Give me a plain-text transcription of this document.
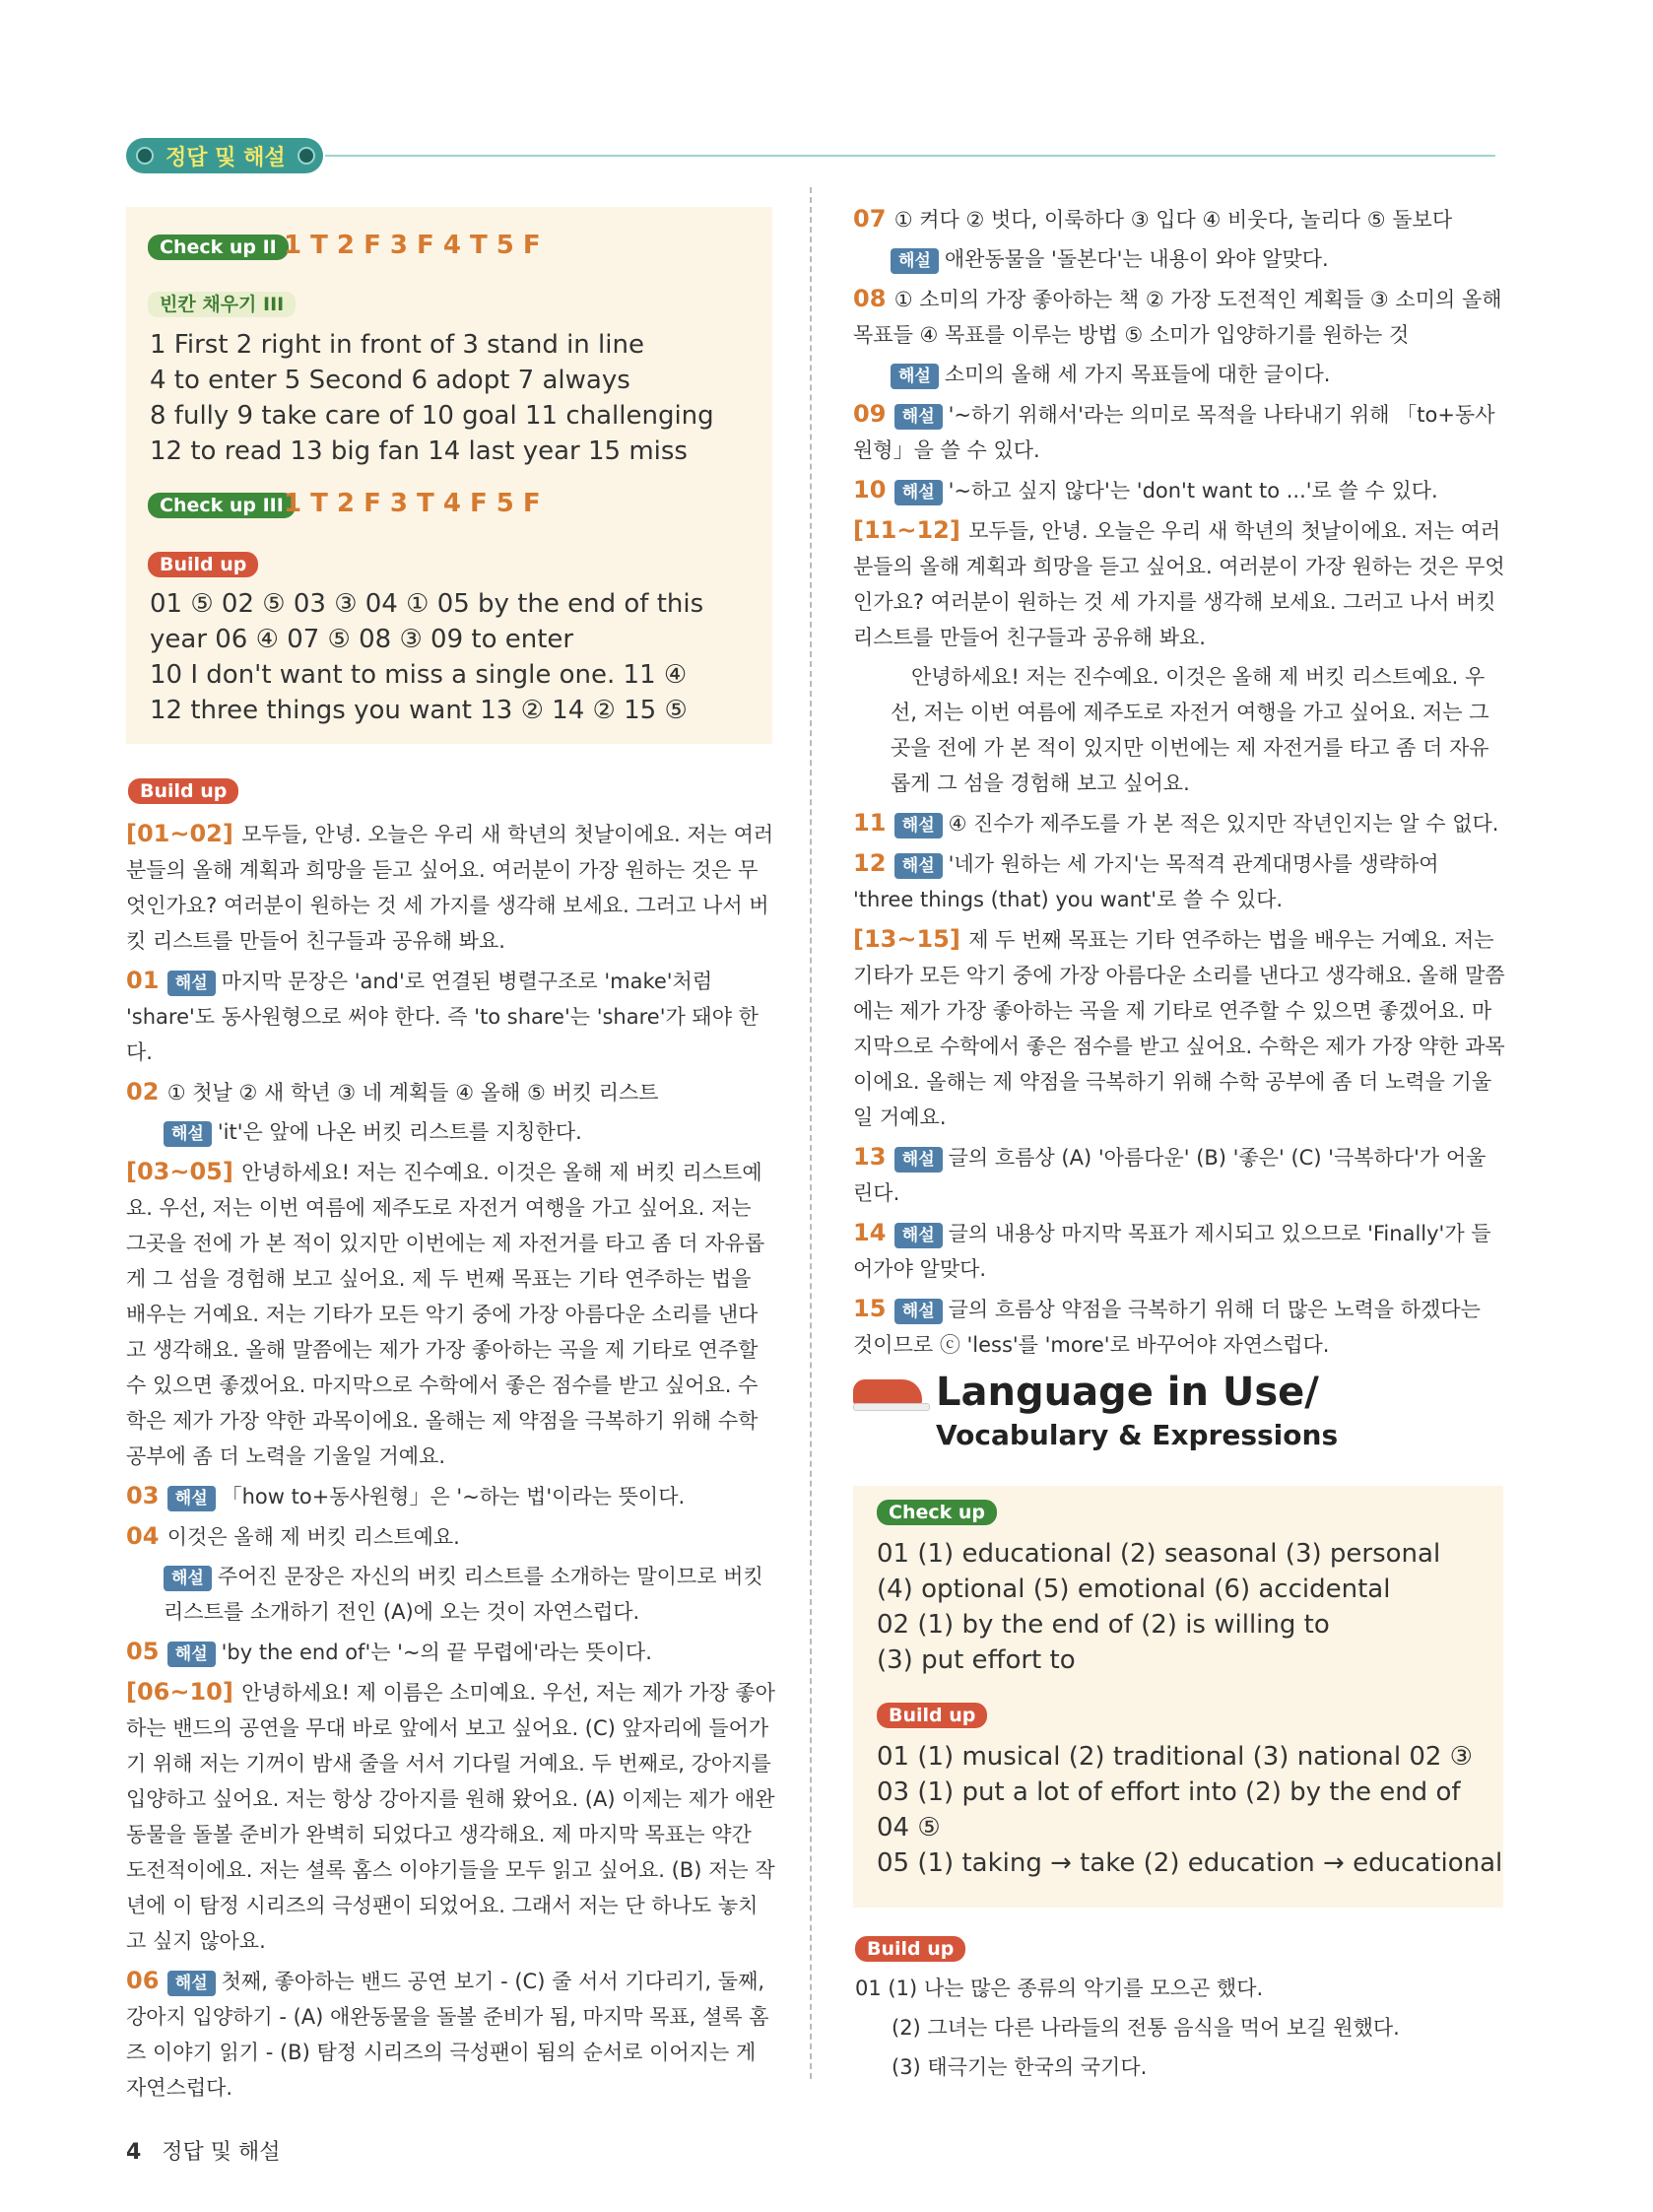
정답 및 해설
Check up II 1 T 2 F 3 F 4 T 5 F
빈칸 채우기 III
1 First 2 right in front of 3 stand in line
4 to enter 5 Second 6 adopt 7 always
8 fully 9 take care of 10 goal 11 challenging
12 to read 13 big fan 14 last year 15 miss
Check up III 1 T 2 F 3 T 4 F 5 F
Build up
01 ⑤ 02 ⑤ 03 ③ 04 ① 05 by the end of this
year 06 ④ 07 ⑤ 08 ③ 09 to enter
10 I don't want to miss a single one. 11 ④
12 three things you want 13 ② 14 ② 15 ⑤
Build up
[01~02] 모두들, 안녕. 오늘은 우리 새 학년의 첫날이에요. 저는 여러분들의 올해 계획과 희망을 듣고 싶어요. 여러분이 가장 원하는 것은 무엇인가요? 여러분이 원하는 것 세 가지를 생각해 보세요. 그러고 나서 버킷 리스트를 만들어 친구들과 공유해 봐요.
01 해설 마지막 문장은 'and'로 연결된 병렬구조로 'make'처럼 'share'도 동사원형으로 써야 한다. 즉 'to share'는 'share'가 돼야 한다.
02 ① 첫날 ② 새 학년 ③ 네 계획들 ④ 올해 ⑤ 버킷 리스트
해설 'it'은 앞에 나온 버킷 리스트를 지칭한다.
[03~05] 안녕하세요! 저는 진수예요. 이것은 올해 제 버킷 리스트예요. 우선, 저는 이번 여름에 제주도로 자전거 여행을 가고 싶어요. 저는 그곳을 전에 가 본 적이 있지만 이번에는 제 자전거를 타고 좀 더 자유롭게 그 섬을 경험해 보고 싶어요. 제 두 번째 목표는 기타 연주하는 법을 배우는 거예요. 저는 기타가 모든 악기 중에 가장 아름다운 소리를 낸다고 생각해요. 올해 말쯤에는 제가 가장 좋아하는 곡을 제 기타로 연주할 수 있으면 좋겠어요. 마지막으로 수학에서 좋은 점수를 받고 싶어요. 수학은 제가 가장 약한 과목이에요. 올해는 제 약점을 극복하기 위해 수학 공부에 좀 더 노력을 기울일 거예요.
03 해설 「how to+동사원형」은 '~하는 법'이라는 뜻이다.
04 이것은 올해 제 버킷 리스트예요.
해설 주어진 문장은 자신의 버킷 리스트를 소개하는 말이므로 버킷 리스트를 소개하기 전인 (A)에 오는 것이 자연스럽다.
05 해설 'by the end of'는 '~의 끝 무렵에'라는 뜻이다.
[06~10] 안녕하세요! 제 이름은 소미예요. 우선, 저는 제가 가장 좋아하는 밴드의 공연을 무대 바로 앞에서 보고 싶어요. (C) 앞자리에 들어가기 위해 저는 기꺼이 밤새 줄을 서서 기다릴 거예요. 두 번째로, 강아지를 입양하고 싶어요. 저는 항상 강아지를 원해 왔어요. (A) 이제는 제가 애완동물을 돌볼 준비가 완벽히 되었다고 생각해요. 제 마지막 목표는 약간 도전적이에요. 저는 셜록 홈스 이야기들을 모두 읽고 싶어요. (B) 저는 작년에 이 탐정 시리즈의 극성팬이 되었어요. 그래서 저는 단 하나도 놓치고 싶지 않아요.
06 해설 첫째, 좋아하는 밴드 공연 보기 - (C) 줄 서서 기다리기, 둘째, 강아지 입양하기 - (A) 애완동물을 돌볼 준비가 됨, 마지막 목표, 셜록 홈즈 이야기 읽기 - (B) 탐정 시리즈의 극성팬이 됨의 순서로 이어지는 게 자연스럽다.
07 ① 켜다 ② 벗다, 이룩하다 ③ 입다 ④ 비웃다, 놀리다 ⑤ 돌보다
해설 애완동물을 '돌본다'는 내용이 와야 알맞다.
08 ① 소미의 가장 좋아하는 책 ② 가장 도전적인 계획들 ③ 소미의 올해 목표들 ④ 목표를 이루는 방법 ⑤ 소미가 입양하기를 원하는 것
해설 소미의 올해 세 가지 목표들에 대한 글이다.
09 해설 '~하기 위해서'라는 의미로 목적을 나타내기 위해 「to+동사원형」을 쓸 수 있다.
10 해설 '~하고 싶지 않다'는 'don't want to ...'로 쓸 수 있다.
[11~12] 모두들, 안녕. 오늘은 우리 새 학년의 첫날이에요. 저는 여러분들의 올해 계획과 희망을 듣고 싶어요. 여러분이 가장 원하는 것은 무엇인가요? 여러분이 원하는 것 세 가지를 생각해 보세요. 그러고 나서 버킷 리스트를 만들어 친구들과 공유해 봐요.
　안녕하세요! 저는 진수예요. 이것은 올해 제 버킷 리스트예요. 우선, 저는 이번 여름에 제주도로 자전거 여행을 가고 싶어요. 저는 그곳을 전에 가 본 적이 있지만 이번에는 제 자전거를 타고 좀 더 자유롭게 그 섬을 경험해 보고 싶어요.
11 해설 ④ 진수가 제주도를 가 본 적은 있지만 작년인지는 알 수 없다.
12 해설 '네가 원하는 세 가지'는 목적격 관계대명사를 생략하여 'three things (that) you want'로 쓸 수 있다.
[13~15] 제 두 번째 목표는 기타 연주하는 법을 배우는 거예요. 저는 기타가 모든 악기 중에 가장 아름다운 소리를 낸다고 생각해요. 올해 말쯤에는 제가 가장 좋아하는 곡을 제 기타로 연주할 수 있으면 좋겠어요. 마지막으로 수학에서 좋은 점수를 받고 싶어요. 수학은 제가 가장 약한 과목이에요. 올해는 제 약점을 극복하기 위해 수학 공부에 좀 더 노력을 기울일 거예요.
13 해설 글의 흐름상 (A) '아름다운' (B) '좋은' (C) '극복하다'가 어울린다.
14 해설 글의 내용상 마지막 목표가 제시되고 있으므로 'Finally'가 들어가야 알맞다.
15 해설 글의 흐름상 약점을 극복하기 위해 더 많은 노력을 하겠다는 것이므로 ⓒ 'less'를 'more'로 바꾸어야 자연스럽다.
Language in Use/
Vocabulary & Expressions
Check up
01 (1) educational (2) seasonal (3) personal
(4) optional (5) emotional (6) accidental
02 (1) by the end of (2) is willing to
(3) put effort to
Build up
01 (1) musical (2) traditional (3) national 02 ③
03 (1) put a lot of effort into (2) by the end of
04 ⑤
05 (1) taking → take (2) education → educational
Build up
01 (1) 나는 많은 종류의 악기를 모으곤 했다.
(2) 그녀는 다른 나라들의 전통 음식을 먹어 보길 원했다.
(3) 태극기는 한국의 국기다.
4 정답 및 해설
